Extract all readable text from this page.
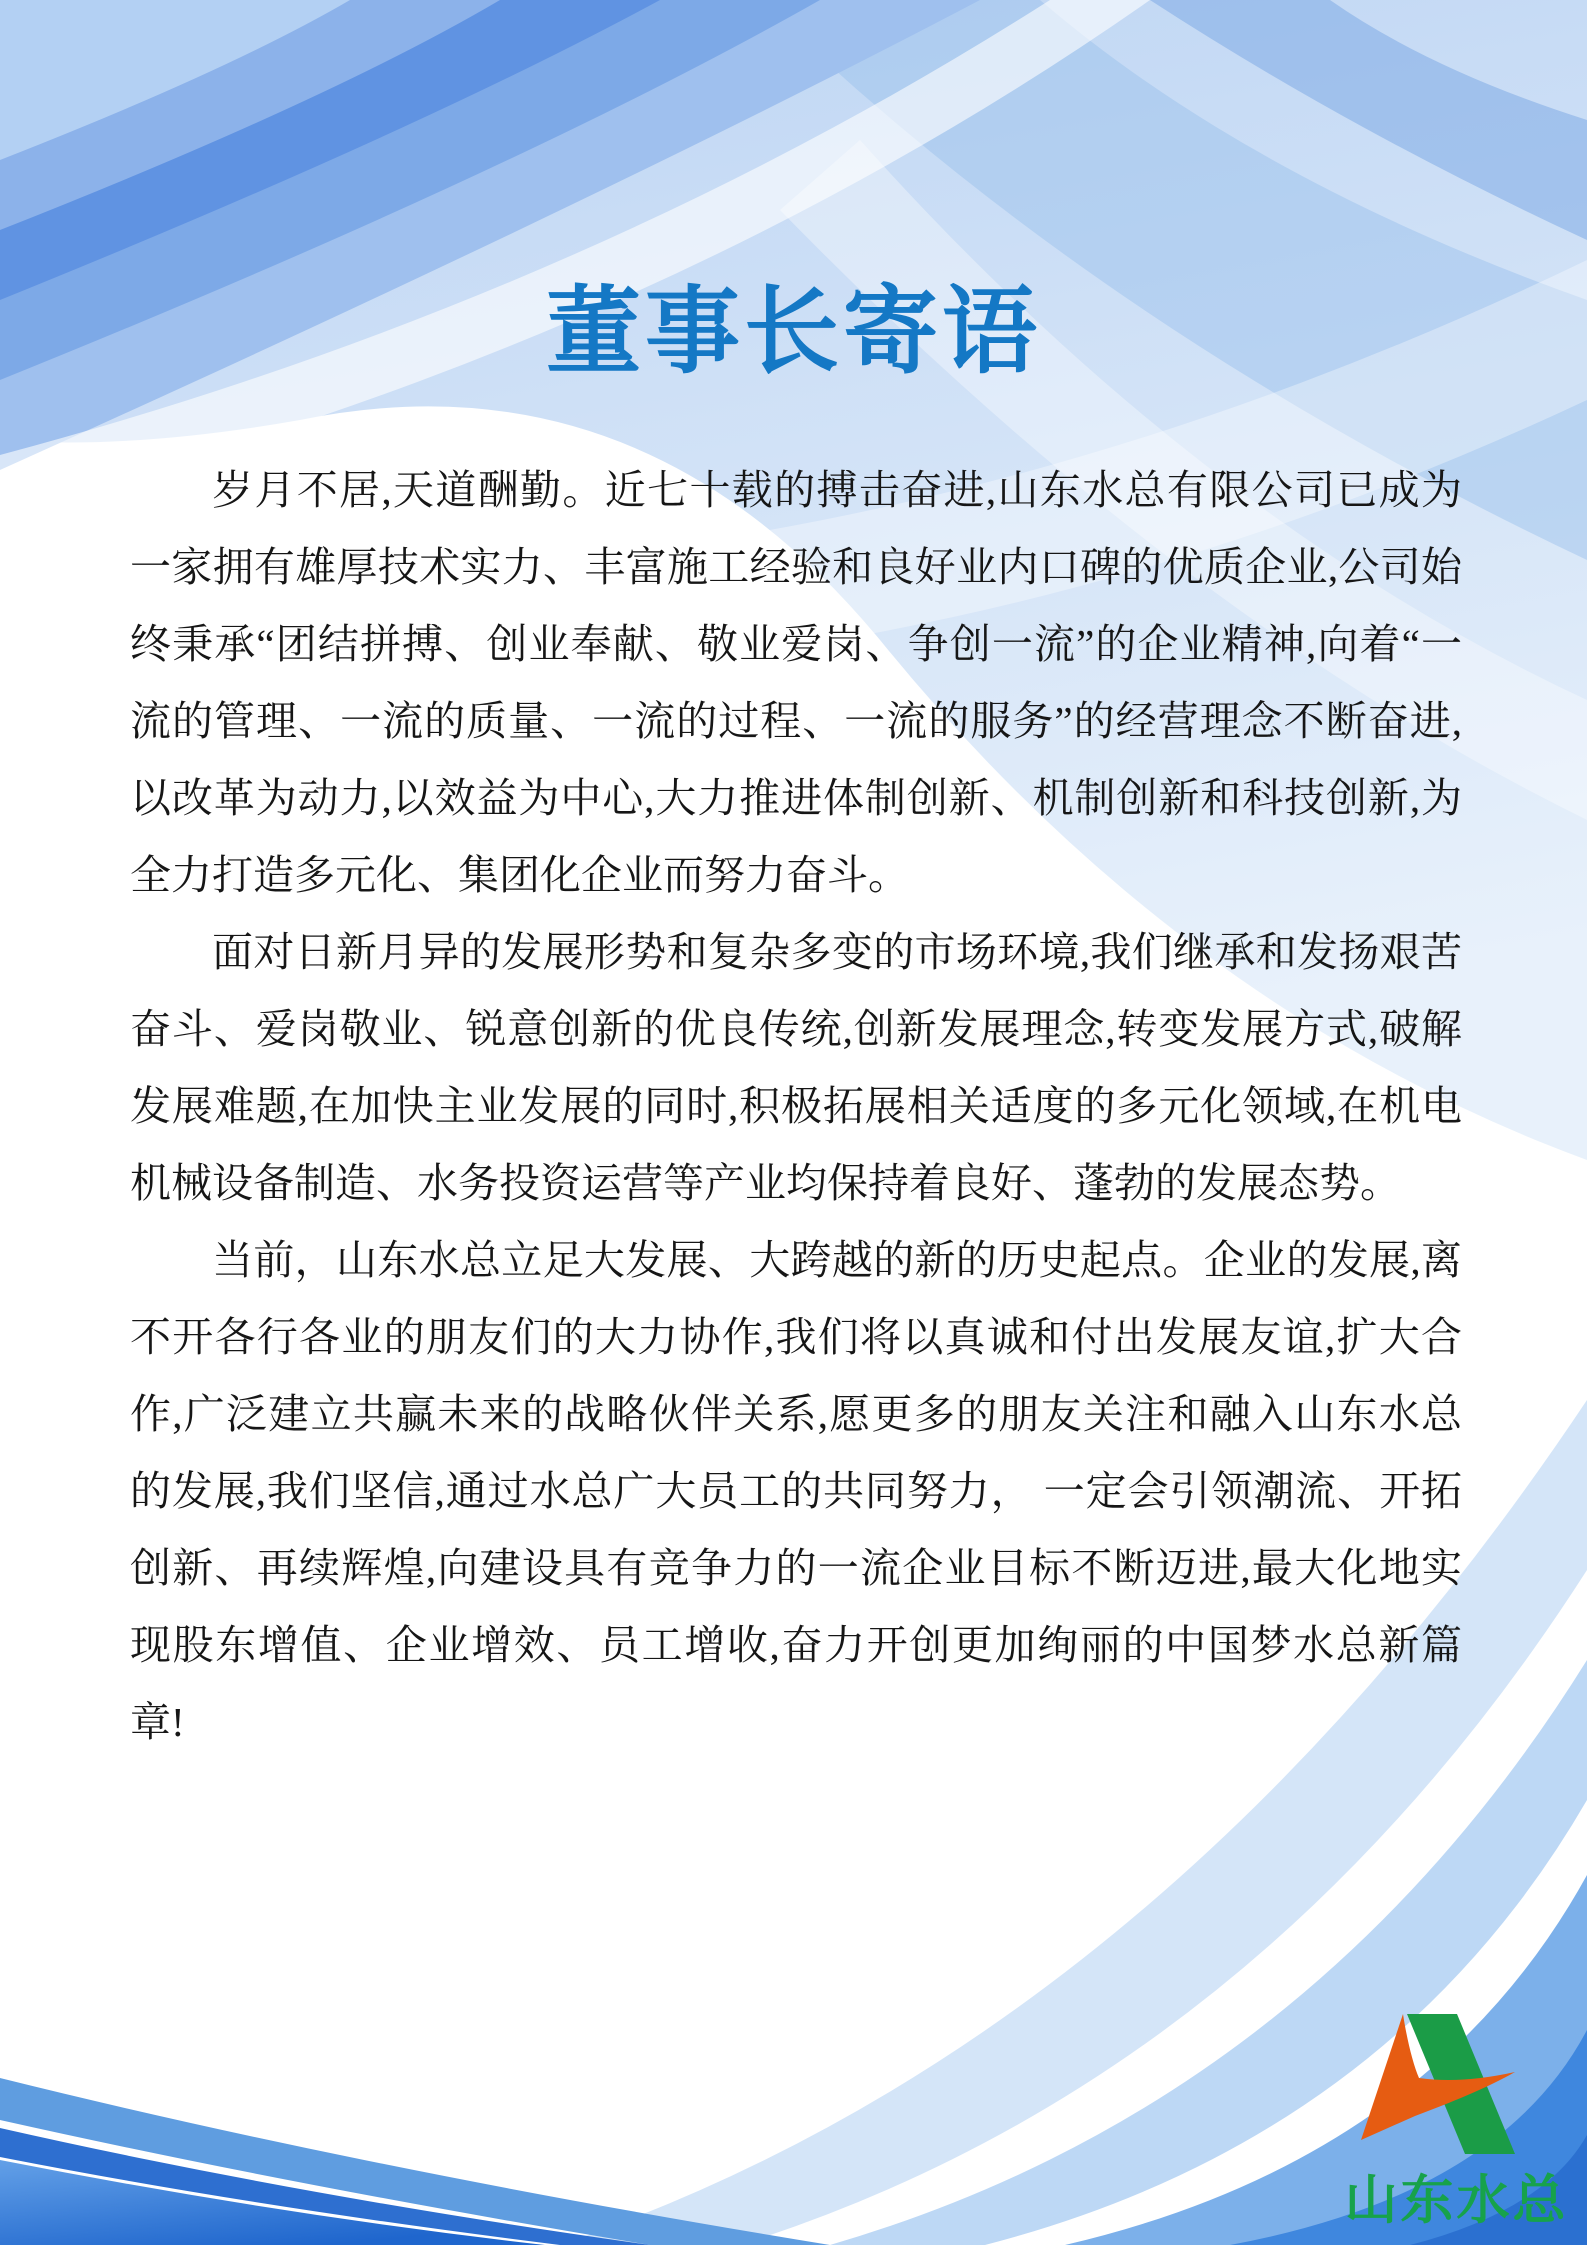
董事长寄语

岁月不居,天道酬勤。近七十载的搏击奋进,山东水总有限公司已成为一家拥有雄厚技术实力、丰富施工经验和良好业内口碑的优质企业,公司始终秉承“团结拼搏、创业奉献、敬业爱岗、争创一流”的企业精神,向着“一流的管理、一流的质量、一流的过程、一流的服务”的经营理念不断奋进,以改革为动力,以效益为中心,大力推进体制创新、机制创新和科技创新,为全力打造多元化、集团化企业而努力奋斗。

面对日新月异的发展形势和复杂多变的市场环境,我们继承和发扬艰苦奋斗、爱岗敬业、锐意创新的优良传统,创新发展理念,转变发展方式,破解发展难题,在加快主业发展的同时,积极拓展相关适度的多元化领域,在机电机械设备制造、水务投资运营等产业均保持着良好、蓬勃的发展态势。

当前，山东水总立足大发展、大跨越的新的历史起点。企业的发展,离不开各行各业的朋友们的大力协作,我们将以真诚和付出发展友谊,扩大合作,广泛建立共赢未来的战略伙伴关系,愿更多的朋友关注和融入山东水总的发展,我们坚信,通过水总广大员工的共同努力， 一定会引领潮流、开拓创新、再续辉煌,向建设具有竞争力的一流企业目标不断迈进,最大化地实现股东增值、企业增效、员工增收,奋力开创更加绚丽的中国梦水总新篇章!

山东水总
